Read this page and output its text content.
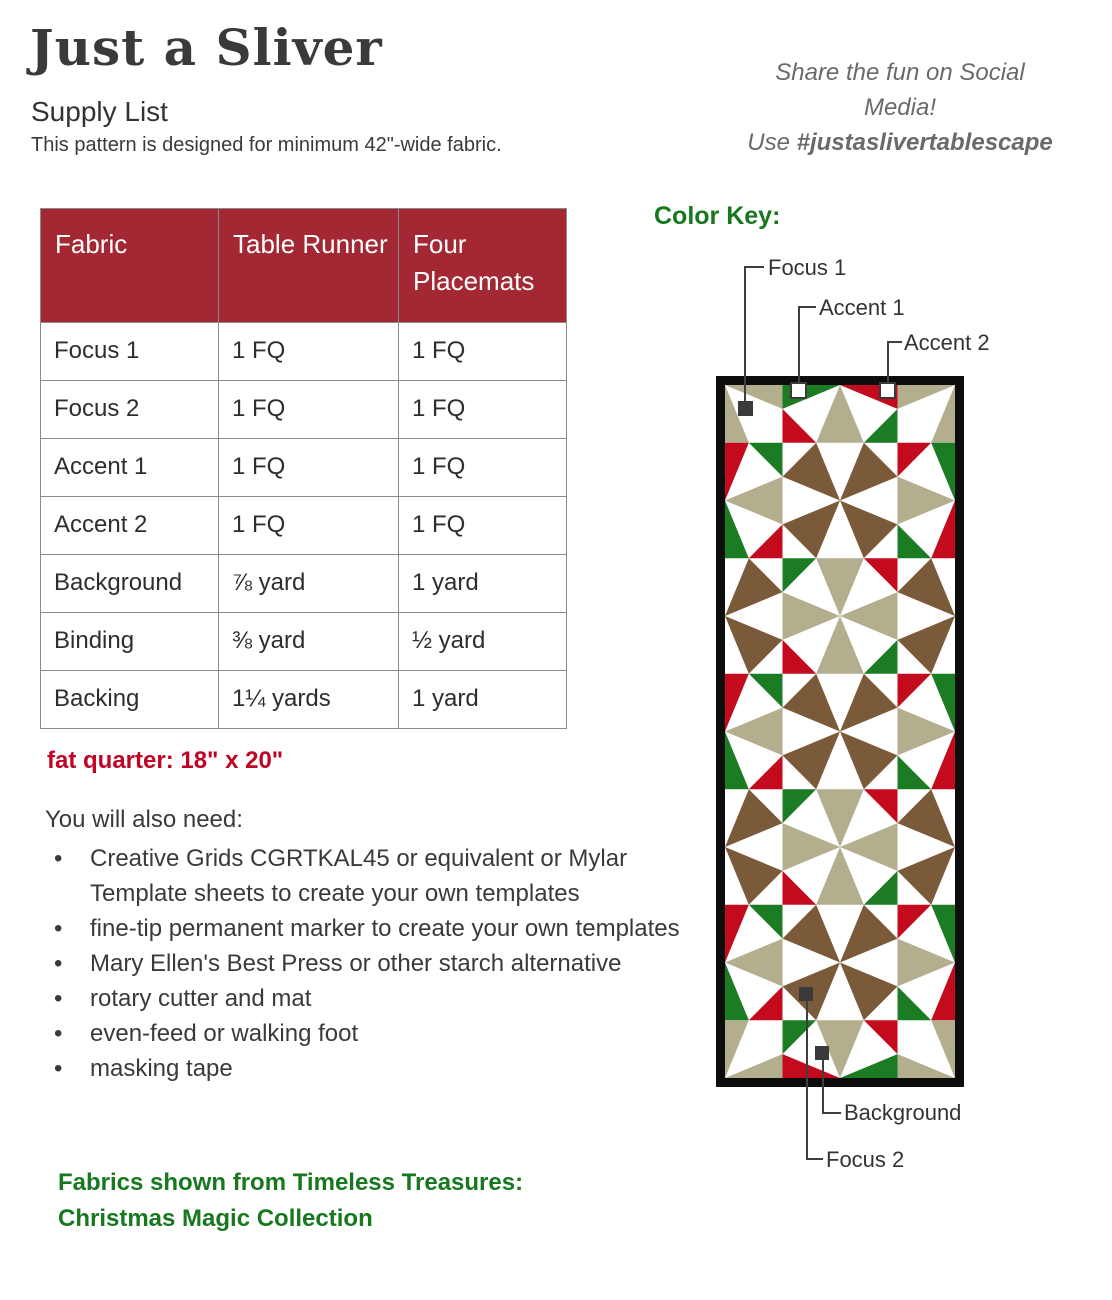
Just a Sliver
Supply List
This pattern is designed for minimum 42"-wide fabric.
Share the fun on Social
Media!
Use #justaslivertablescape
Fabric	Table Runner	Four Placemats
Focus 1	1 FQ	1 FQ
Focus 2	1 FQ	1 FQ
Accent 1	1 FQ	1 FQ
Accent 2	1 FQ	1 FQ
Background	⅞ yard	1 yard
Binding	⅜ yard	½ yard
Backing	1¼ yards	1 yard
fat quarter: 18" x 20"
You will also need:
• Creative Grids CGRTKAL45 or equivalent or Mylar Template sheets to create your own templates
• fine-tip permanent marker to create your own templates
• Mary Ellen's Best Press or other starch alternative
• rotary cutter and mat
• even-feed or walking foot
• masking tape
Fabrics shown from Timeless Treasures:
Christmas Magic Collection
Color Key:
Focus 1
Accent 1
Accent 2
Background
Focus 2
